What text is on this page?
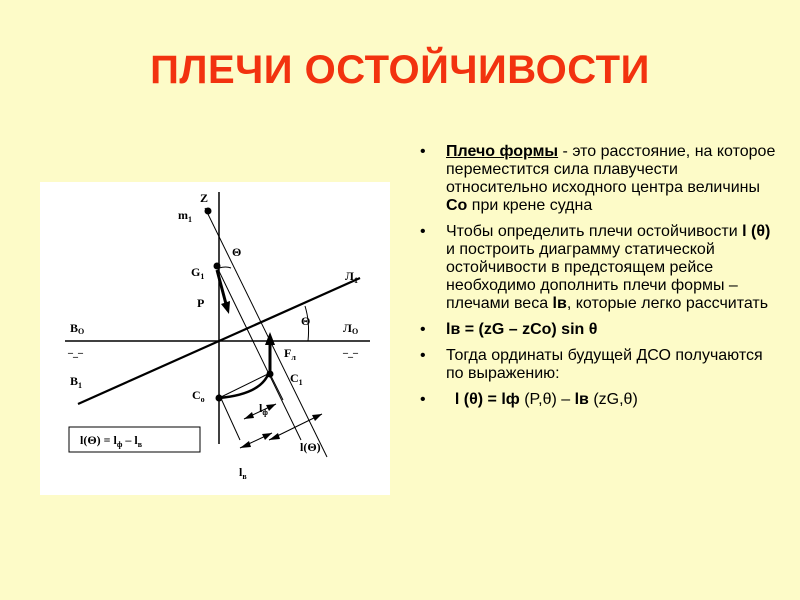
ПЛЕЧИ ОСТОЙЧИВОСТИ
–_–	–_–
Z
$m_1$
Θ
$G_1$
P
$Л_1$
Θ
BO	ЛO
$B_1$
$F_л$
$C_1$
$C_o$
$l_ф$
l(Θ)
$l_в$
$l(\Theta) = l_ф - l_в$
• Плечо формы - это расстояние, на которое переместится сила плавучести относительно исходного центра величины Co при крене судна
• Чтобы определить плечи остойчивости l (θ) и построить диаграмму статической остойчивости в предстоящем рейсе необходимо дополнить плечи формы – плечами веса lв, которые легко рассчитать
• lв = (zG – zCo) sin θ
• Тогда ординаты будущей ДСО получаются по выражению:
• l (θ) = lф (P,θ) – lв (zG,θ)
